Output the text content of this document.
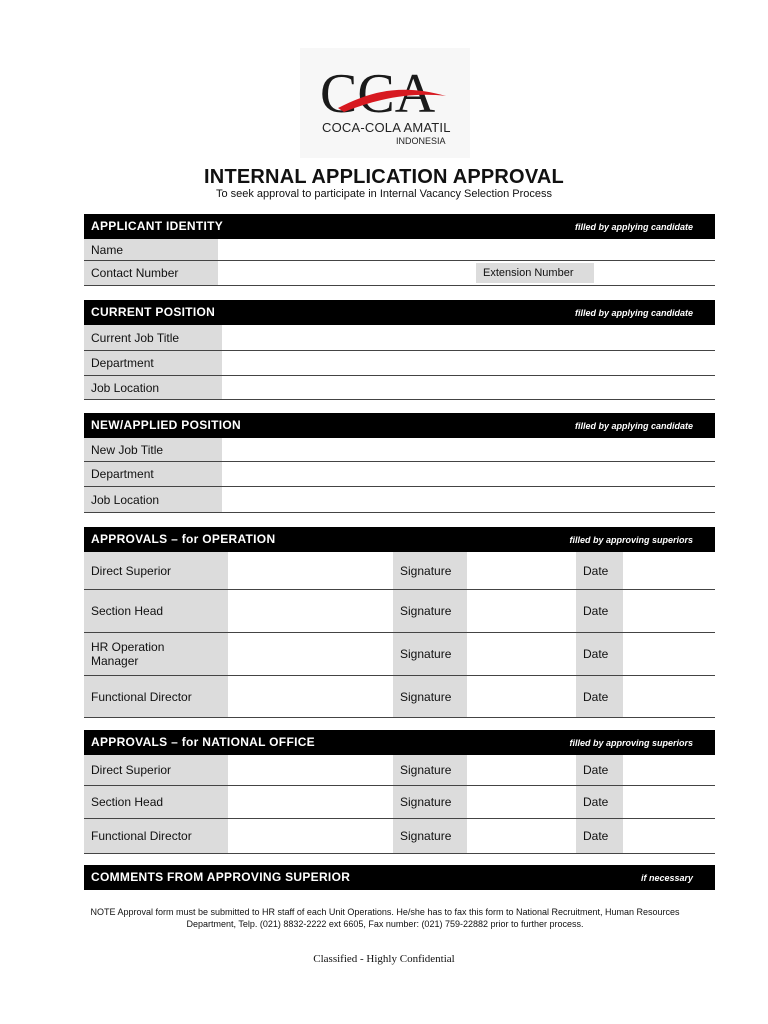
CCA
COCA-COLA AMATIL
INDONESIA
INTERNAL APPLICATION APPROVAL
To seek approval to participate in Internal Vacancy Selection Process
APPLICANT IDENTITY	filled by applying candidate
Name
Contact Number	Extension Number
CURRENT POSITION	filled by applying candidate
Current Job Title
Department
Job Location
NEW/APPLIED POSITION	filled by applying candidate
New Job Title
Department
Job Location
APPROVALS – for OPERATION	filled by approving superiors
Direct Superior	Signature	Date
Section Head	Signature	Date
HR Operation Manager	Signature	Date
Functional Director	Signature	Date
APPROVALS – for NATIONAL OFFICE	filled by approving superiors
Direct Superior	Signature	Date
Section Head	Signature	Date
Functional Director	Signature	Date
COMMENTS FROM APPROVING SUPERIOR	if necessary
NOTE Approval form must be submitted to HR staff of each Unit Operations. He/she has to fax this form to National Recruitment, Human Resources Department, Telp. (021) 8832-2222 ext 6605, Fax number: (021) 759-22882 prior to further process.
Classified - Highly Confidential
